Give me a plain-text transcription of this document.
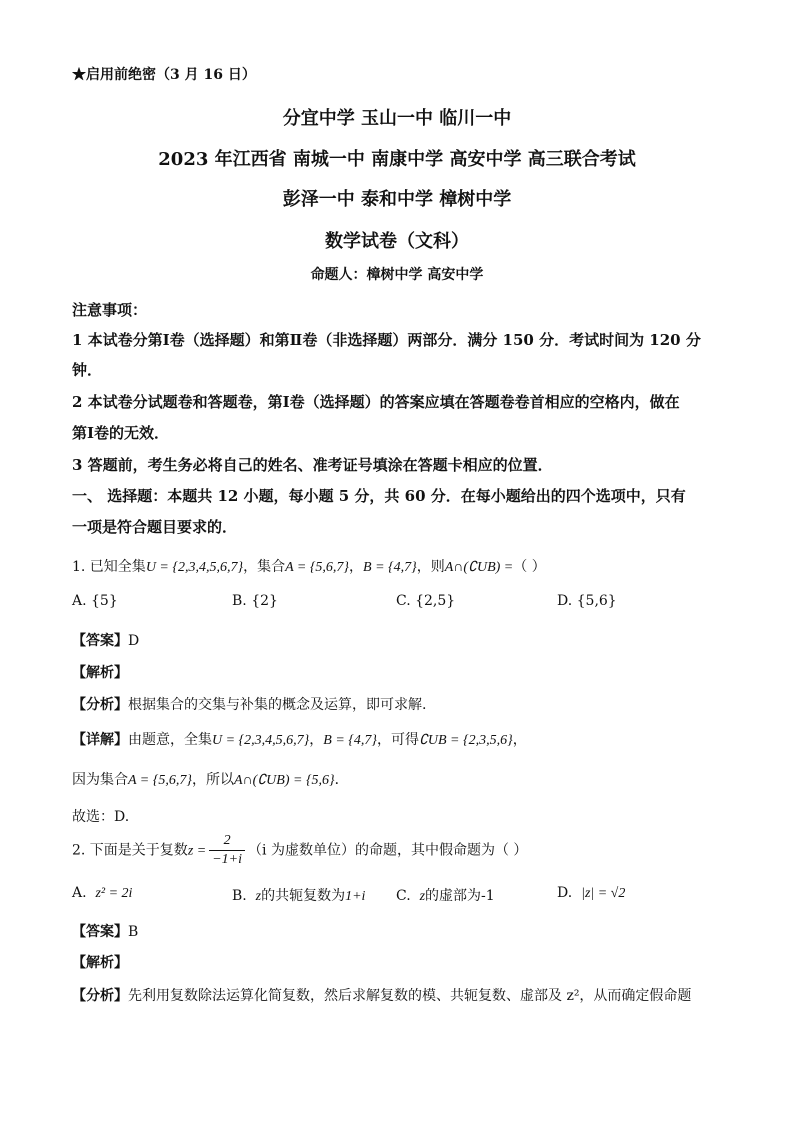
★启用前绝密（3 月 16 日）
分宜中学 玉山一中 临川一中
2023 年江西省 南城一中 南康中学 高安中学 高三联合考试
彭泽一中 泰和中学 樟树中学
数学试卷（文科）
命题人：樟树中学 高安中学
注意事项：
1 本试卷分第Ⅰ卷（选择题）和第Ⅱ卷（非选择题）两部分．满分 150 分．考试时间为 120 分
钟．
2 本试卷分试题卷和答题卷，第Ⅰ卷（选择题）的答案应填在答题卷卷首相应的空格内，做在
第Ⅰ卷的无效．
3 答题前，考生务必将自己的姓名、准考证号填涂在答题卡相应的位置．
一、 选择题：本题共 12 小题，每小题 5 分，共 60 分．在每小题给出的四个选项中，只有
一项是符合题目要求的．
1. 已知全集U = {2,3,4,5,6,7}，集合A = {5,6,7}，B = {4,7}，则A∩(∁UB) =（ ）
A. {5}	B. {2}	C. {2,5}	D. {5,6}
【答案】D
【解析】
【分析】根据集合的交集与补集的概念及运算，即可求解.
【详解】由题意，全集U = {2,3,4,5,6,7}，B = {4,7}，可得∁UB = {2,3,5,6}，
因为集合A = {5,6,7}，所以A∩(∁UB) = {5,6}．
故选：D.
2. 下面是关于复数$z = \frac{2}{-1+i} (i$ 为虚数单位）的命题，其中假命题为（ ）
A. z² = 2i	B. z的共轭复数为1+i C. z的虚部为-1	D. |z| = √2
【答案】B
【解析】
【分析】先利用复数除法运算化简复数，然后求解复数的模、共轭复数、虚部及 z²，从而确定假命题
